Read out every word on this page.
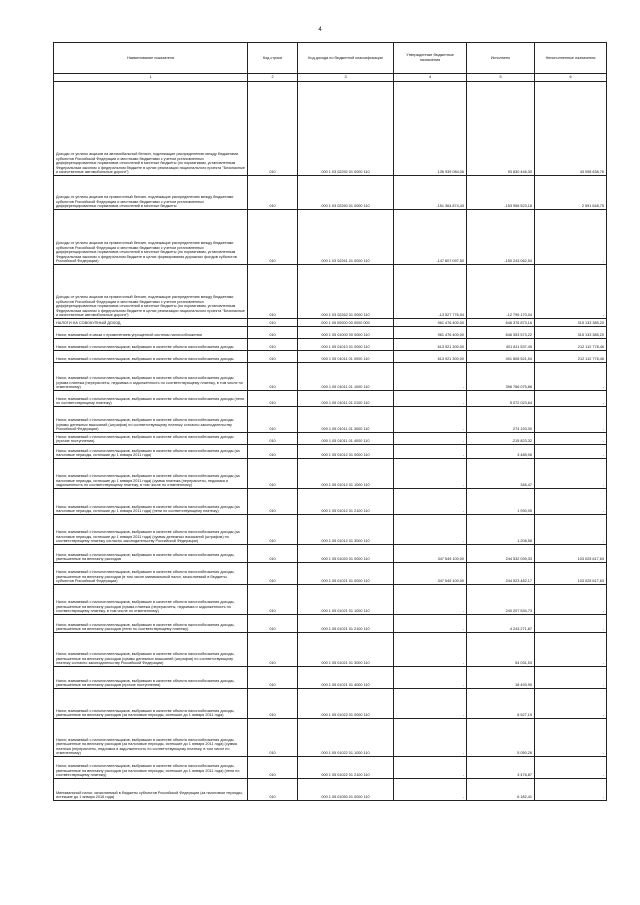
4
Наименование показателя	Код строки	Код дохода по бюджетной классификации	Утвержденные бюджетные назначения	Исполнено	Неисполненные назначения
1	2	3	4	5	6
Доходы от уплаты акцизов на автомобильный бензин, подлежащие распределению между бюджетами субъектов Российской Федерации и местными бюджетами с учетом установленных дифференцированных нормативов отчислений в местные бюджеты (по нормативам, установленным Федеральным законом о федеральном бюджете в целях реализации национального проекта "Безопасные и качественные автомобильные дороги")	010	000 1 03 02252 01 0000 110	136 939 084,06	93 830 446,30	43 098 638,76
Доходы от уплаты акцизов на прямогонный бензин, подлежащие распределению между бюджетами субъектов Российской Федерации и местными бюджетами с учетом установленных дифференцированных нормативов отчислений в местные бюджеты	010	000 1 03 02260 01 0000 110	-151 364 874,43	-153 956 523,18	2 591 648,75
Доходы от уплаты акцизов на прямогонный бензин, подлежащие распределению между бюджетами субъектов Российской Федерации и местными бюджетами с учетом установленных дифференцированных нормативов отчислений в местные бюджеты (по нормативам, установленным Федеральным законом о федеральном бюджете в целях формирования дорожных фондов субъектов Российской Федерации)	010	000 1 03 02261 01 0000 110	-147 807 097,50	-150 243 062,54	-
Доходы от уплаты акцизов на прямогонный бензин, подлежащие распределению между бюджетами субъектов Российской Федерации и местными бюджетами с учетом установленных дифференцированных нормативов отчислений в местные бюджеты (по нормативам, установленным Федеральным законом о федеральном бюджете в целях реализации национального проекта "Безопасные и качественные автомобильные дороги")	010	000 1 03 02262 01 0000 110	-13 527 776,94	-12 795 170,04	-
НАЛОГИ НА СОВОКУПНЫЙ ДОХОД	010	000 1 05 00000 00 0000 000	961 476 400,00	646 376 873,16	315 133 385,20
Налог, взимаемый в связи с применением упрощенной системы налогообложения	010	000 1 05 01000 00 0000 110	961 476 400,00	646 353 573,22	315 133 385,20
Налог, взимаемый с налогоплательщиков, выбравших в качестве объекта налогообложения доходы	010	000 1 05 01010 01 0000 110	613 921 300,00	401 811 537,49	212 112 778,46
Налог, взимаемый с налогоплательщиков, выбравших в качестве объекта налогообложения доходы	010	000 1 05 01011 01 0000 110	613 921 300,00	401 808 521,54	212 112 778,46
Налог, взимаемый с налогоплательщиков, выбравших в качестве объекта налогообложения доходы (сумма платежа (перерасчеты, недоимка и задолженность по соответствующему платежу, в том числе по отмененному)	010	000 1 05 01011 01 1000 110	-	396 766 075,86	-
Налог, взимаемый с налогоплательщиков, выбравших в качестве объекта налогообложения доходы (пени по соответствующему платежу)	010	000 1 05 01011 01 2100 110	-	5 072 023,64	-
Налог, взимаемый с налогоплательщиков, выбравших в качестве объекта налогообложения доходы (суммы денежных взысканий (штрафов) по соответствующему платежу согласно законодательству Российской Федерации)	010	000 1 05 01011 01 3000 110	-	274 193,30	-
Налог, взимаемый с налогоплательщиков, выбравших в качестве объекта налогообложения доходы (прочие поступления)	010	000 1 05 01011 01 4000 110	-	-215 823,32	-
Налог, взимаемый с налогоплательщиков, выбравших в качестве объекта налогообложения доходы (за налоговые периоды, истекшие до 1 января 2011 года)	010	000 1 05 01012 01 0000 110	-	3 485,06	-
Налог, взимаемый с налогоплательщиков, выбравших в качестве объекта налогообложения доходы (за налоговые периоды, истекшие до 1 января 2011 года) (сумма платежа (перерасчеты, недоимка и задолженность по соответствующему платежу, в том числе по отмененному)	010	000 1 05 01012 01 1000 110	-	346,47	-
Налог, взимаемый с налогоплательщиков, выбравших в качестве объекта налогообложения доходы (за налоговые периоды, истекшие до 1 января 2011 года) (пени по соответствующему платежу)	010	000 1 05 01012 01 2100 110	-	1 930,05	-
Налог, взимаемый с налогоплательщиков, выбравших в качестве объекта налогообложения доходы (за налоговые периоды, истекшие до 1 января 2011 года) (суммы денежных взысканий (штрафов) по соответствующему платежу согласно законодательству Российской Федерации)	010	000 1 05 01012 01 3000 110	-	1 208,58	-
Налог, взимаемый с налогоплательщиков, выбравших в качестве объекта налогообложения доходы, уменьшенные на величину расходов	010	000 1 05 01020 01 0000 110	347 549 100,00	244 532 039,33	103 025 617,63
Налог, взимаемый с налогоплательщиков, выбравших в качестве объекта налогообложения доходы, уменьшенные на величину расходов (в том числе минимальный налог, зачисляемый в бюджеты субъектов Российской Федерации)	010	000 1 05 01021 01 0000 110	347 549 100,00	244 523 482,17	103 025 617,63
Налог, взимаемый с налогоплательщиков, выбравших в качестве объекта налогообложения доходы, уменьшенные на величину расходов (сумма платежа (перерасчеты, недоимка и задолженность по соответствующему платежу, в том числе по отмененному)	010	000 1 05 01021 01 1000 110	-	240 207 534,73	-
Налог, взимаемый с налогоплательщиков, выбравших в качестве объекта налогообложения доходы, уменьшенные на величину расходов (пени по соответствующему платежу)	010	000 1 05 01021 01 2100 110	-	4 243 271,87	-
Налог, взимаемый с налогоплательщиков, выбравших в качестве объекта налогообложения доходы, уменьшенные на величину расходов (суммы денежных взысканий (штрафов) по соответствующему платежу согласно законодательству Российской Федерации)	010	000 1 05 01021 01 3000 110	-	54 031,53	-
Налог, взимаемый с налогоплательщиков, выбравших в качестве объекта налогообложения доходы, уменьшенные на величину расходов (прочие поступления)	010	000 1 05 01021 01 4000 110	-	18 493,95	-
Налог, взимаемый с налогоплательщиков, выбравших в качестве объекта налогообложения доходы, уменьшенные на величину расходов (за налоговые периоды, истекшие до 1 января 2011 года)	010	000 1 05 01022 01 0000 110	-	8 527,15	-
Налог, взимаемый с налогоплательщиков, выбравших в качестве объекта налогообложения доходы, уменьшенные на величину расходов (за налоговые периоды, истекшие до 1 января 2011 года) (сумма платежа (перерасчеты, недоимка и задолженность по соответствующему платежу, в том числе по отмененному)	010	000 1 05 01022 01 1000 110	-	5 050,28	-
Налог, взимаемый с налогоплательщиков, выбравших в качестве объекта налогообложения доходы, уменьшенные на величину расходов (за налоговые периоды, истекшие до 1 января 2011 года) (пени по соответствующему платежу)	010	000 1 05 01022 01 2100 110	-	3 476,87	-
Минимальный налог, зачисляемый в бюджеты субъектов Российской Федерации (за налоговые периоды, истекшие до 1 января 2016 года)	010	000 1 05 01050 01 0000 110	-	6 182,41	-
